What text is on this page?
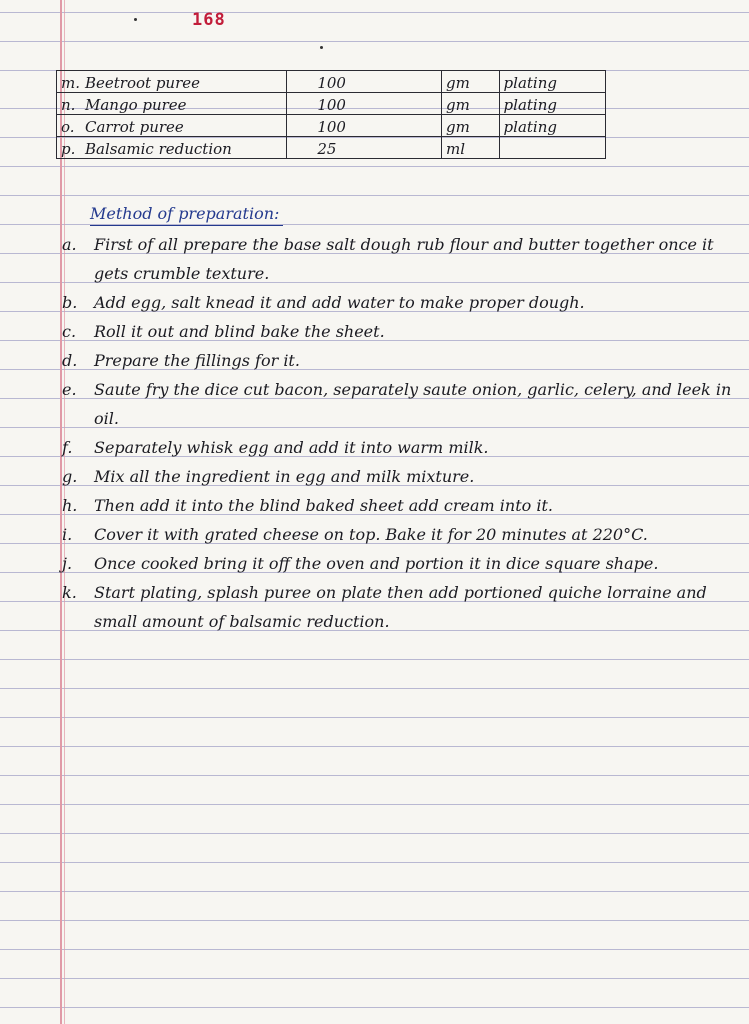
168
m. Beetroot puree	100	gm	plating
n. Mango puree	100	gm	plating
o. Carrot puree	100	gm	plating
p. Balsamic reduction	25	ml	
Method of preparation:
a.	First of all prepare the base salt dough rub flour and butter together once it gets crumble texture.
b.	Add egg, salt knead it and add water to make proper dough.
c.	Roll it out and blind bake the sheet.
d.	Prepare the fillings for it.
e.	Saute fry the dice cut bacon, separately saute onion, garlic, celery, and leek in oil.
f.	Separately whisk egg and add it into warm milk.
g.	Mix all the ingredient in egg and milk mixture.
h.	Then add it into the blind baked sheet add cream into it.
i.	Cover it with grated cheese on top. Bake it for 20 minutes at 220°C.
j.	Once cooked bring it off the oven and portion it in dice square shape.
k.	Start plating, splash puree on plate then add portioned quiche lorraine and small amount of balsamic reduction.
